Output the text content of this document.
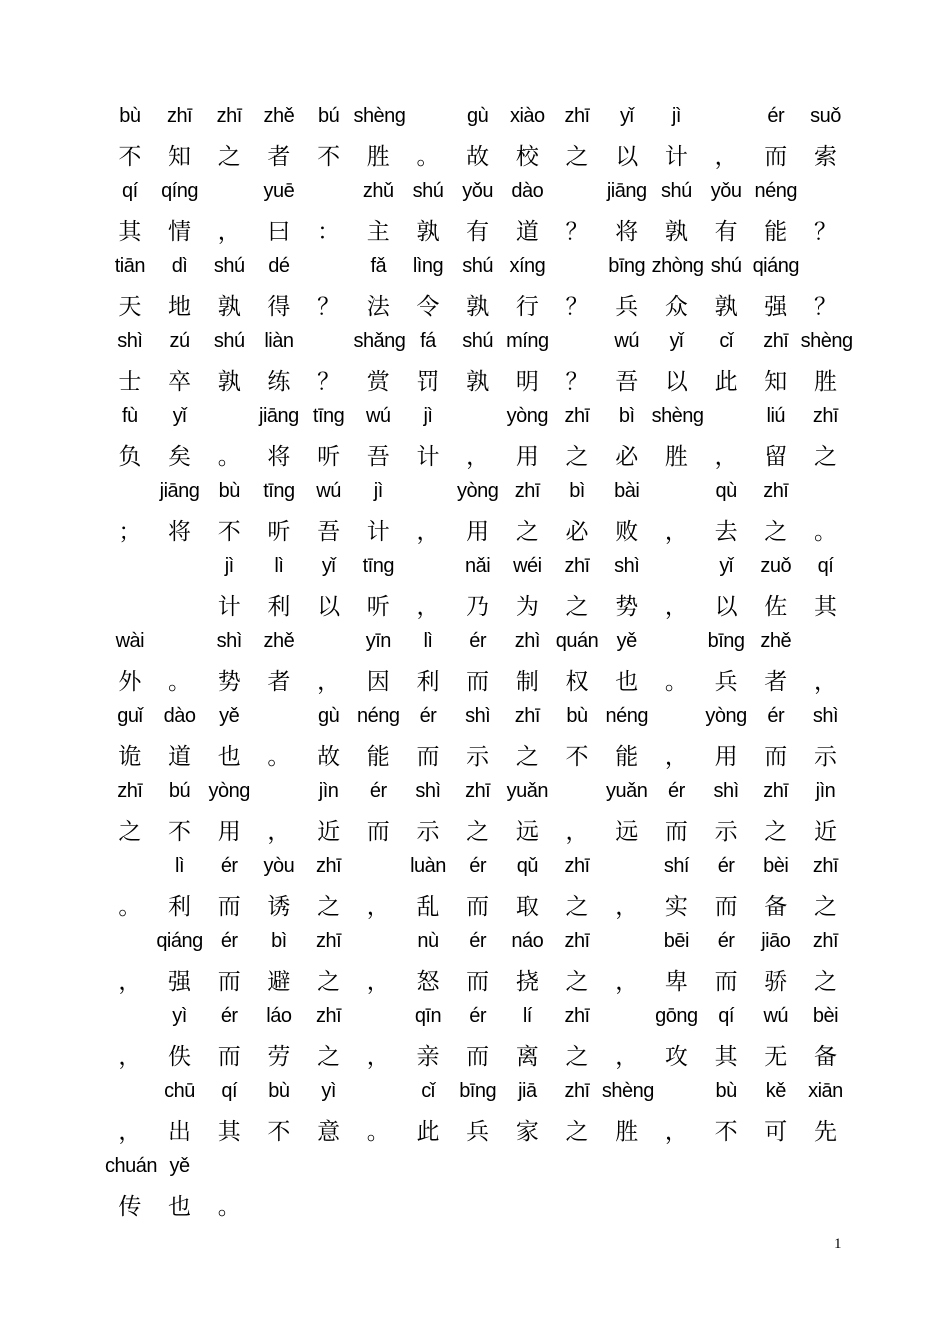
bù	zhī	zhī	zhě	bú shèng	gù	xiào zhī	yǐ	jì	ér	suǒ
不	知	之	者	不	胜	。	故	校	之	以	计	，	而	索
qí	qíng	yuē	zhǔ shú yǒu dào	jiāng shú yǒu néng
其	情	，	曰	：	主	孰	有	道	？	将	孰	有	能	？
tiān	dì	shú	dé	fǎ	lìng shú xíng	bīng zhòng shú qiáng
天	地	孰	得	？	法	令	孰	行	？	兵	众	孰	强	？
shì	zú	shú liàn	shǎng fá	shú míng	wú	yǐ	cǐ	zhī shèng
士	卒	孰	练	？	赏	罚	孰	明	？	吾	以	此	知	胜
fù	yǐ	jiāng tīng	wú	jì	yòng zhī	bì shèng	liú	zhī
负	矣	。	将	听	吾	计	，	用	之	必	胜	，	留	之
jiāng bù	tīng	wú	jì	yòng zhī	bì	bài	qù	zhī
；	将	不	听	吾	计	，	用	之	必	败	，	去	之	。
jì	lì	yǐ	tīng	nǎi	wéi	zhī	shì	yǐ	zuǒ	qí
计	利	以	听	，	乃	为	之	势	，	以	佐	其
wài	shì	zhě	yīn	lì	ér	zhì quán yě	bīng zhě
外	。	势	者	，	因	利	而	制	权	也	。	兵	者	，
guǐ	dào	yě	gù néng	ér	shì	zhī	bù néng	yòng	ér	shì
诡	道	也	。	故	能	而	示	之	不	能	，	用	而	示
zhī	bú yòng	jìn	ér	shì	zhī yuǎn	yuǎn	ér	shì	zhī	jìn
之	不	用	，	近	而	示	之	远	，	远	而	示	之	近
lì	ér	yòu	zhī	luàn	ér	qǔ	zhī	shí	ér	bèi	zhī
。	利	而	诱	之	，	乱	而	取	之	，	实	而	备	之
qiáng ér	bì	zhī	nù	ér	náo	zhī	bēi	ér	jiāo	zhī
，	强	而	避	之	，	怒	而	挠	之	，	卑	而	骄	之
yì	ér	láo	zhī	qīn	ér	lí	zhī	gōng	qí	wú	bèi
，	佚	而	劳	之	，	亲	而	离	之	，	攻	其	无	备
chū	qí	bù	yì	cǐ	bīng	jiā	zhī shèng	bù	kě	xiān
，	出	其	不	意	。	此	兵	家	之	胜	，	不	可	先
chuán yě
传	也	。
1
